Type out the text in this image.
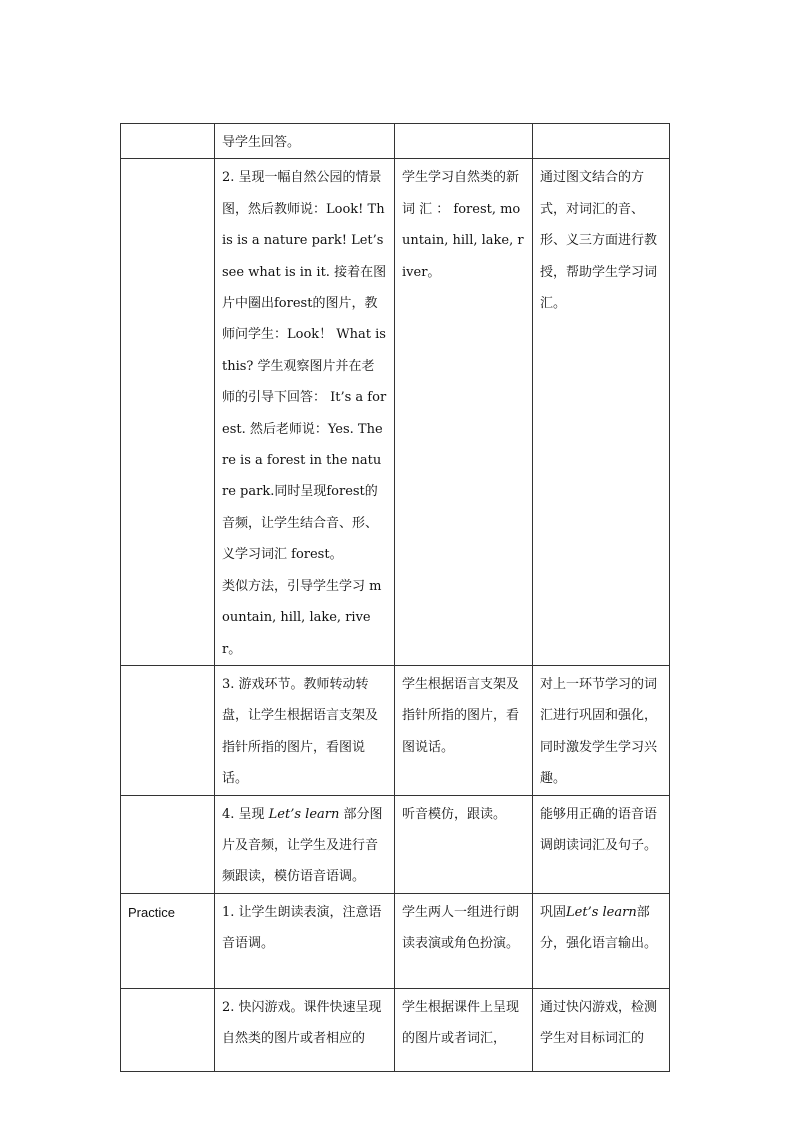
	导学生回答。		

	2. 呈现一幅自然公园的情景图，然后教师说：Look! This is a nature park! Let’s see what is in it. 接着在图片中圈出forest的图片，教师问学生：Look！ What is this? 学生观察图片并在老师的引导下回答： It’s a forest. 然后老师说：Yes. There is a forest in the nature park.同时呈现forest的音频，让学生结合音、形、义学习词汇 forest。
类似方法，引导学生学习 mountain, hill, lake, river。	学生学习自然类的新 词 汇 ： forest, mountain, hill, lake, river。	通过图文结合的方式，对词汇的音、形、义三方面进行教授，帮助学生学习词汇。

	3. 游戏环节。教师转动转盘，让学生根据语言支架及指针所指的图片，看图说话。	学生根据语言支架及指针所指的图片，看图说话。	对上一环节学习的词汇进行巩固和强化，同时激发学生学习兴趣。
	4. 呈现 Let’s learn 部分图片及音频，让学生及进行音频跟读，模仿语音语调。	听音模仿，跟读。	能够用正确的语音语调朗读词汇及句子。
Practice	1. 让学生朗读表演，注意语音语调。	学生两人一组进行朗读表演或角色扮演。	巩固Let’s learn部分，强化语言输出。

	2. 快闪游戏。课件快速呈现自然类的图片或者相应的	学生根据课件上呈现的图片或者词汇，	通过快闪游戏，检测学生对目标词汇的
